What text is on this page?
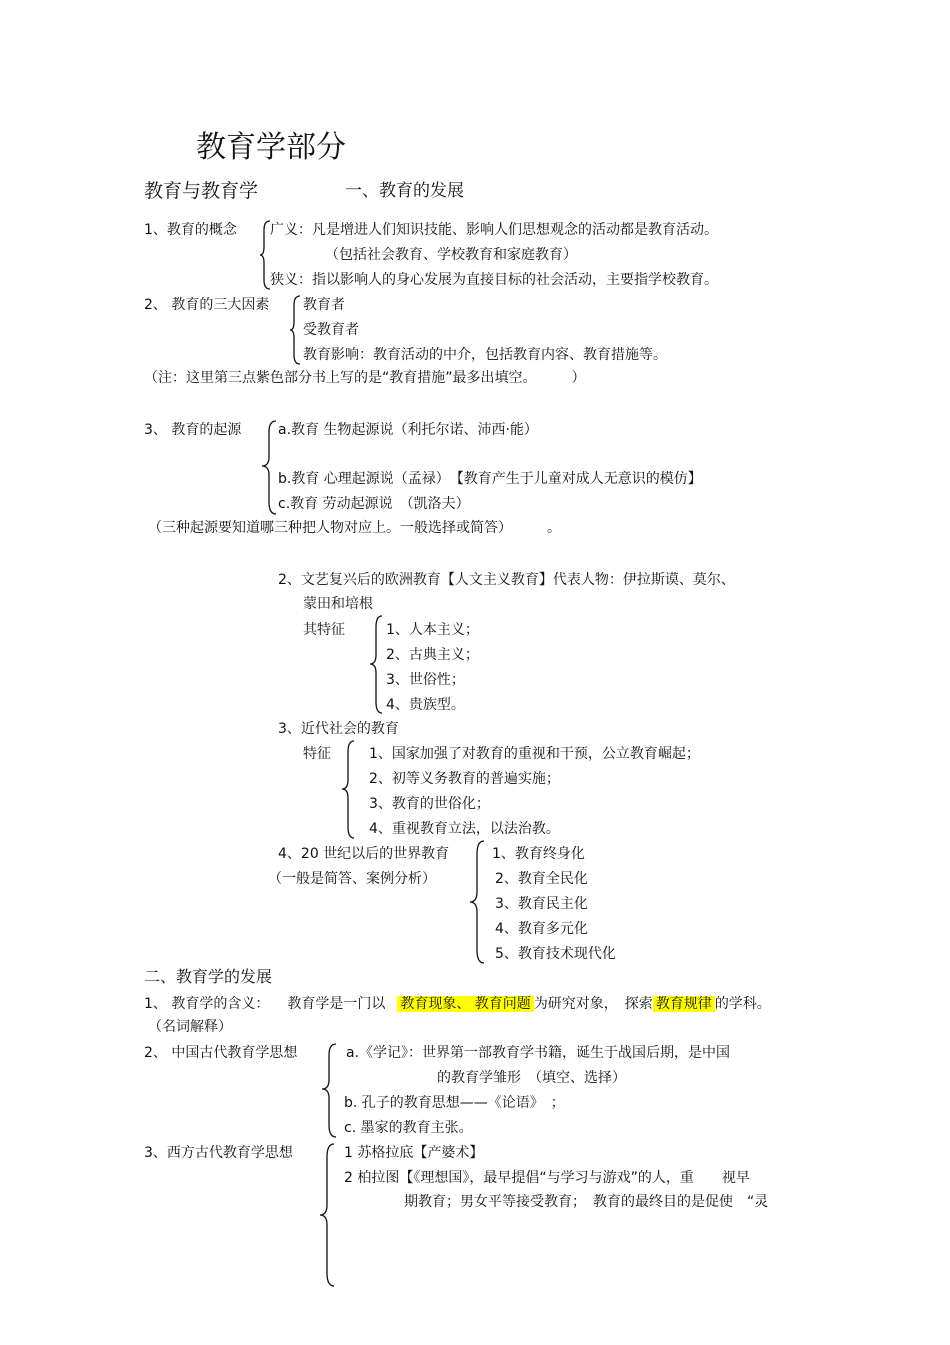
教育学部分
教育与教育学	一、教育的发展
1、教育的概念 广义：凡是增进人们知识技能、影响人们思想观念的活动都是教育活动。
（包括社会教育、学校教育和家庭教育）
狭义：指以影响人的身心发展为直接目标的社会活动，主要指学校教育。
2、 教育的三大因素 教育者
受教育者
教育影响：教育活动的中介，包括教育内容、教育措施等。
（注：这里第三点紫色部分书上写的是“教育措施”最多出填空。　　　）
3、 教育的起源	a.教育 生物起源说（利托尔诺、沛西·能）
b.教育 心理起源说（孟禄）　【教育产生于儿童对成人无意识的模仿】
c.教育 劳动起源说　（凯洛夫）
（三种起源要知道哪三种把人物对应上。一般选择或简答）　　　。
2、文艺复兴后的欧洲教育【人文主义教育】代表人物：伊拉斯谟、莫尔、
蒙田和培根
其特征	1、人本主义；
2、古典主义；
3、世俗性；
4、贵族型。
3、近代社会的教育
特征	1、国家加强了对教育的重视和干预，公立教育崛起；
2、初等义务教育的普遍实施；
3、教育的世俗化；
4、重视教育立法，以法治教。
4、20 世纪以后的世界教育
（一般是简答、案例分析）
1、教育终身化
2、教育全民化
3、教育民主化
4、教育多元化
5、教育技术现代化
二、教育学的发展
1、 教育学的含义： 教育学是一门以 教育现象、 教育问题 为研究对象，　探索 教育规律 的学科。
（名词解释）
2、 中国古代教育学思想	a.《学记》：世界第一部教育学书籍，诞生于战国后期，是中国
的教育学雏形　（填空、选择）
b. 孔子的教育思想——《论语》　；
c. 墨家的教育主张。
3、西方古代教育学思想	1 苏格拉底【产婆术】
2 柏拉图【《理想国》，最早提倡“与学习与游戏”的人，重　　视早
期教育；男女平等接受教育；　教育的最终目的是促使　“灵
